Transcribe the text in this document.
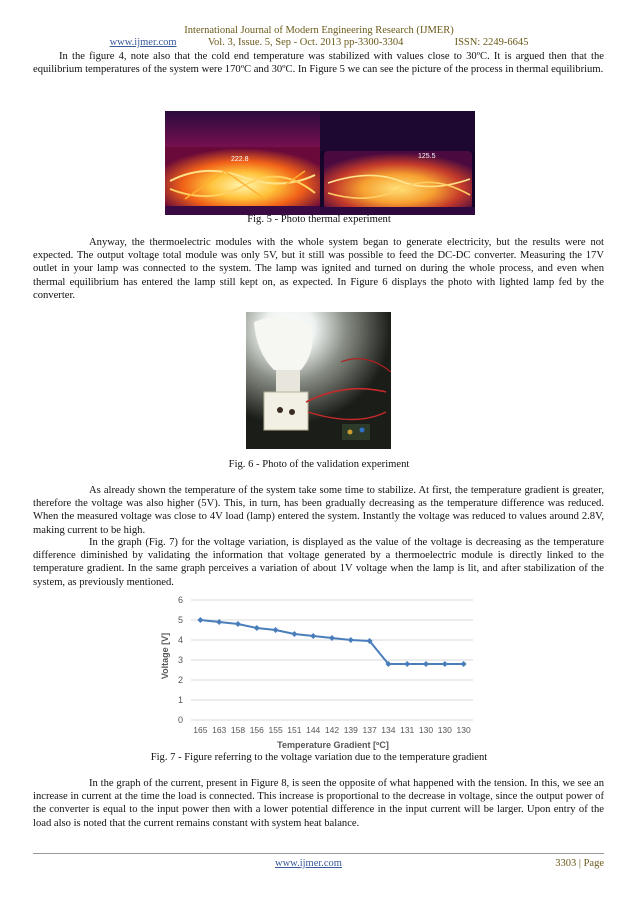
International Journal of Modern Engineering Research (IJMER)
www.ijmer.com	Vol. 3, Issue. 5, Sep - Oct. 2013 pp-3300-3304	ISSN: 2249-6645

In the figure 4, note also that the cold end temperature was stabilized with values close to 30ºC. It is argued then that the equilibrium temperatures of the system were 170ºC and 30ºC. In Figure 5 we can see the picture of the process in thermal equilibrium.

222.8	125.5
Fig. 5 - Photo thermal experiment

Anyway, the thermoelectric modules with the whole system began to generate electricity, but the results were not expected. The output voltage total module was only 5V, but it still was possible to feed the DC-DC converter. Measuring the 17V outlet in your lamp was connected to the system. The lamp was ignited and turned on during the whole process, and even when thermal equilibrium has entered the lamp still kept on, as expected. In Figure 6 displays the photo with lighted lamp fed by the converter.

Fig. 6 - Photo of the validation experiment

As already shown the temperature of the system take some time to stabilize. At first, the temperature gradient is greater, therefore the voltage was also higher (5V). This, in turn, has been gradually decreasing as the temperature difference was reduced. When the measured voltage was close to 4V load (lamp) entered the system. Instantly the voltage was reduced to values around 2.8V, making current to be high.

In the graph (Fig. 7) for the voltage variation, is displayed as the value of the voltage is decreasing as the temperature difference diminished by validating the information that voltage generated by a thermoelectric module is directly linked to the temperature gradient. In the same graph perceives a variation of about 1V voltage when the lamp is lit, and after stabilization of the system, as previously mentioned.

0
1
2
3
4
5
6
165 163 158 156 155 151 144 142 139 137 134 131 130 130 130
Voltage [V]
Temperature Gradient [ºC]
Fig. 7 - Figure referring to the voltage variation due to the temperature gradient

In the graph of the current, present in Figure 8, is seen the opposite of what happened with the tension. In this, we see an increase in current at the time the load is connected. This increase is proportional to the decrease in voltage, since the output power of the converter is equal to the input power then with a lower potential difference in the input current will be larger. Upon entry of the load also is noted that the current remains constant with system heat balance.

www.ijmer.com	3303 | Page
